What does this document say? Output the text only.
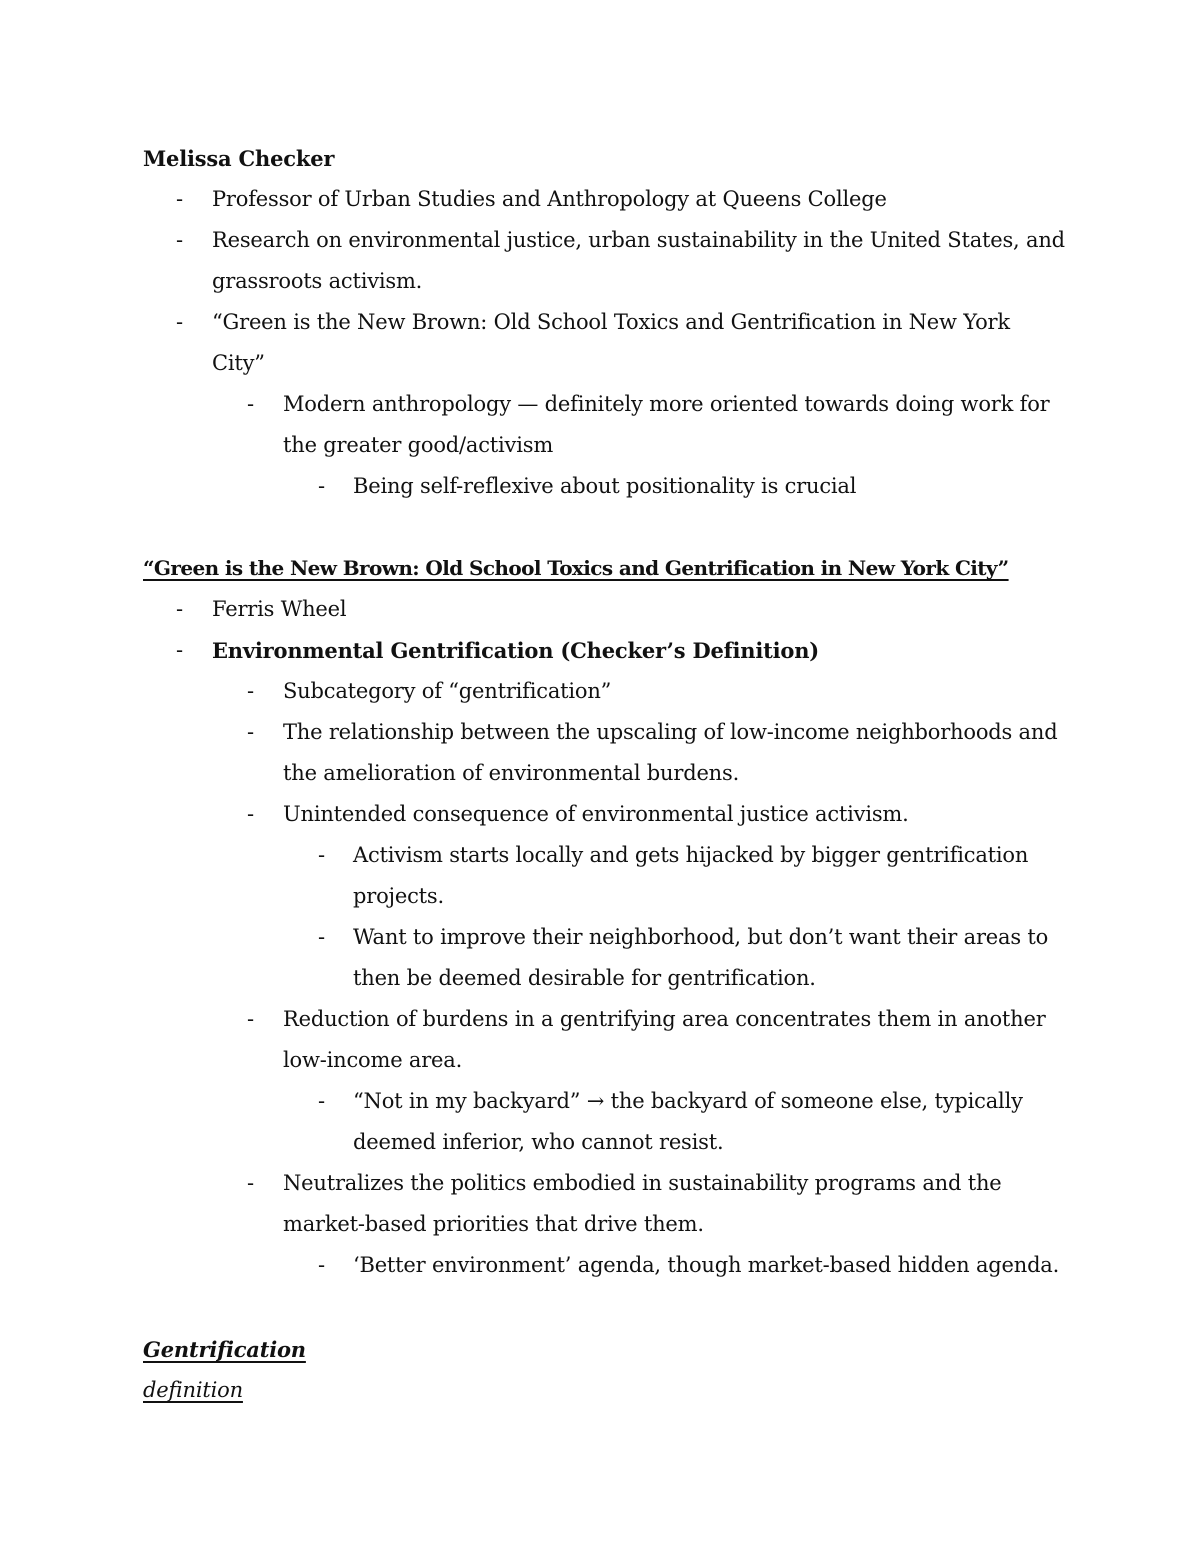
Melissa Checker
- Professor of Urban Studies and Anthropology at Queens College
- Research on environmental justice, urban sustainability in the United States, and
grassroots activism.
- “Green is the New Brown: Old School Toxics and Gentrification in New York
City”
- Modern anthropology — definitely more oriented towards doing work for
the greater good/activism
- Being self-reflexive about positionality is crucial
“Green is the New Brown: Old School Toxics and Gentrification in New York City”
- Ferris Wheel
- Environmental Gentrification (Checker’s Definition)
- Subcategory of “gentrification”
- The relationship between the upscaling of low-income neighborhoods and
the amelioration of environmental burdens.
- Unintended consequence of environmental justice activism.
- Activism starts locally and gets hijacked by bigger gentrification
projects.
- Want to improve their neighborhood, but don’t want their areas to
then be deemed desirable for gentrification.
- Reduction of burdens in a gentrifying area concentrates them in another
low-income area.
- “Not in my backyard” → the backyard of someone else, typically
deemed inferior, who cannot resist.
- Neutralizes the politics embodied in sustainability programs and the
market-based priorities that drive them.
- ‘Better environment’ agenda, though market-based hidden agenda.
Gentrification
definition
